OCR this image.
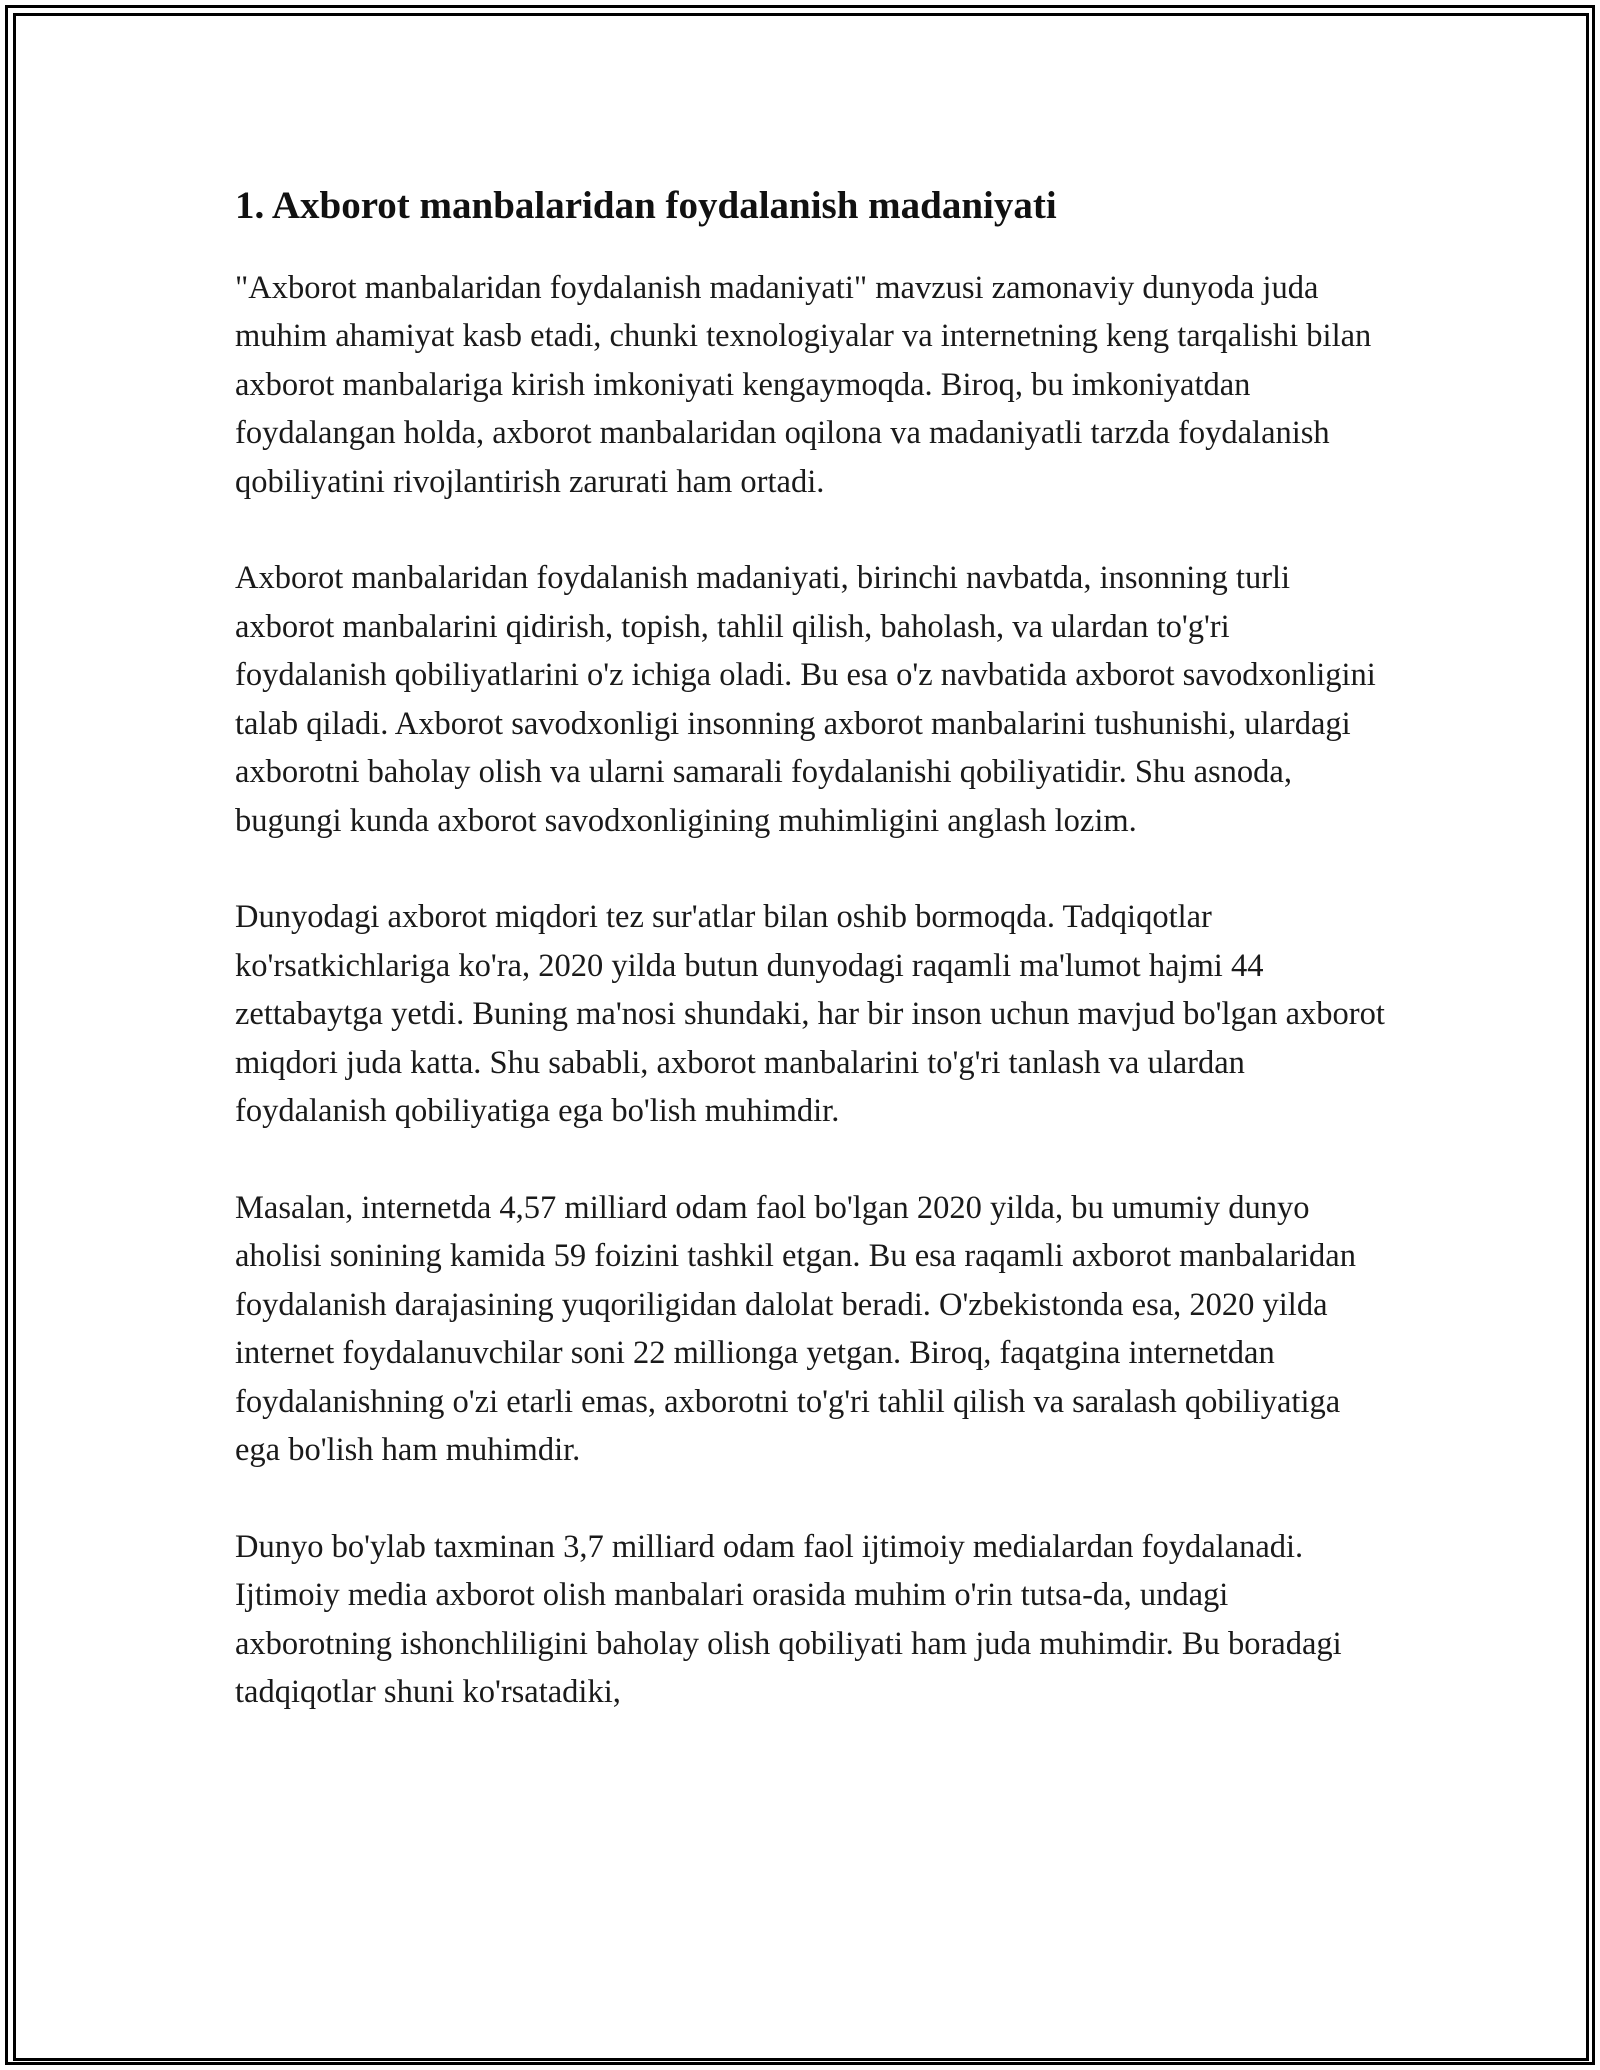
1. Axborot manbalaridan foydalanish madaniyati

"Axborot manbalaridan foydalanish madaniyati" mavzusi zamonaviy dunyoda juda muhim ahamiyat kasb etadi, chunki texnologiyalar va internetning keng tarqalishi bilan axborot manbalariga kirish imkoniyati kengaymoqda. Biroq, bu imkoniyatdan foydalangan holda, axborot manbalaridan oqilona va madaniyatli tarzda foydalanish qobiliyatini rivojlantirish zarurati ham ortadi.

Axborot manbalaridan foydalanish madaniyati, birinchi navbatda, insonning turli axborot manbalarini qidirish, topish, tahlil qilish, baholash, va ulardan to'g'ri foydalanish qobiliyatlarini o'z ichiga oladi. Bu esa o'z navbatida axborot savodxonligini talab qiladi. Axborot savodxonligi insonning axborot manbalarini tushunishi, ulardagi axborotni baholay olish va ularni samarali foydalanishi qobiliyatidir. Shu asnoda, bugungi kunda axborot savodxonligining muhimligini anglash lozim.

Dunyodagi axborot miqdori tez sur'atlar bilan oshib bormoqda. Tadqiqotlar ko'rsatkichlariga ko'ra, 2020 yilda butun dunyodagi raqamli ma'lumot hajmi 44 zettabaytga yetdi. Buning ma'nosi shundaki, har bir inson uchun mavjud bo'lgan axborot miqdori juda katta. Shu sababli, axborot manbalarini to'g'ri tanlash va ulardan foydalanish qobiliyatiga ega bo'lish muhimdir.

Masalan, internetda 4,57 milliard odam faol bo'lgan 2020 yilda, bu umumiy dunyo aholisi sonining kamida 59 foizini tashkil etgan. Bu esa raqamli axborot manbalaridan foydalanish darajasining yuqoriligidan dalolat beradi. O'zbekistonda esa, 2020 yilda internet foydalanuvchilar soni 22 millionga yetgan. Biroq, faqatgina internetdan foydalanishning o'zi etarli emas, axborotni to'g'ri tahlil qilish va saralash qobiliyatiga ega bo'lish ham muhimdir.

Dunyo bo'ylab taxminan 3,7 milliard odam faol ijtimoiy medialardan foydalanadi. Ijtimoiy media axborot olish manbalari orasida muhim o'rin tutsa-da, undagi axborotning ishonchliligini baholay olish qobiliyati ham juda muhimdir. Bu boradagi tadqiqotlar shuni ko'rsatadiki,
